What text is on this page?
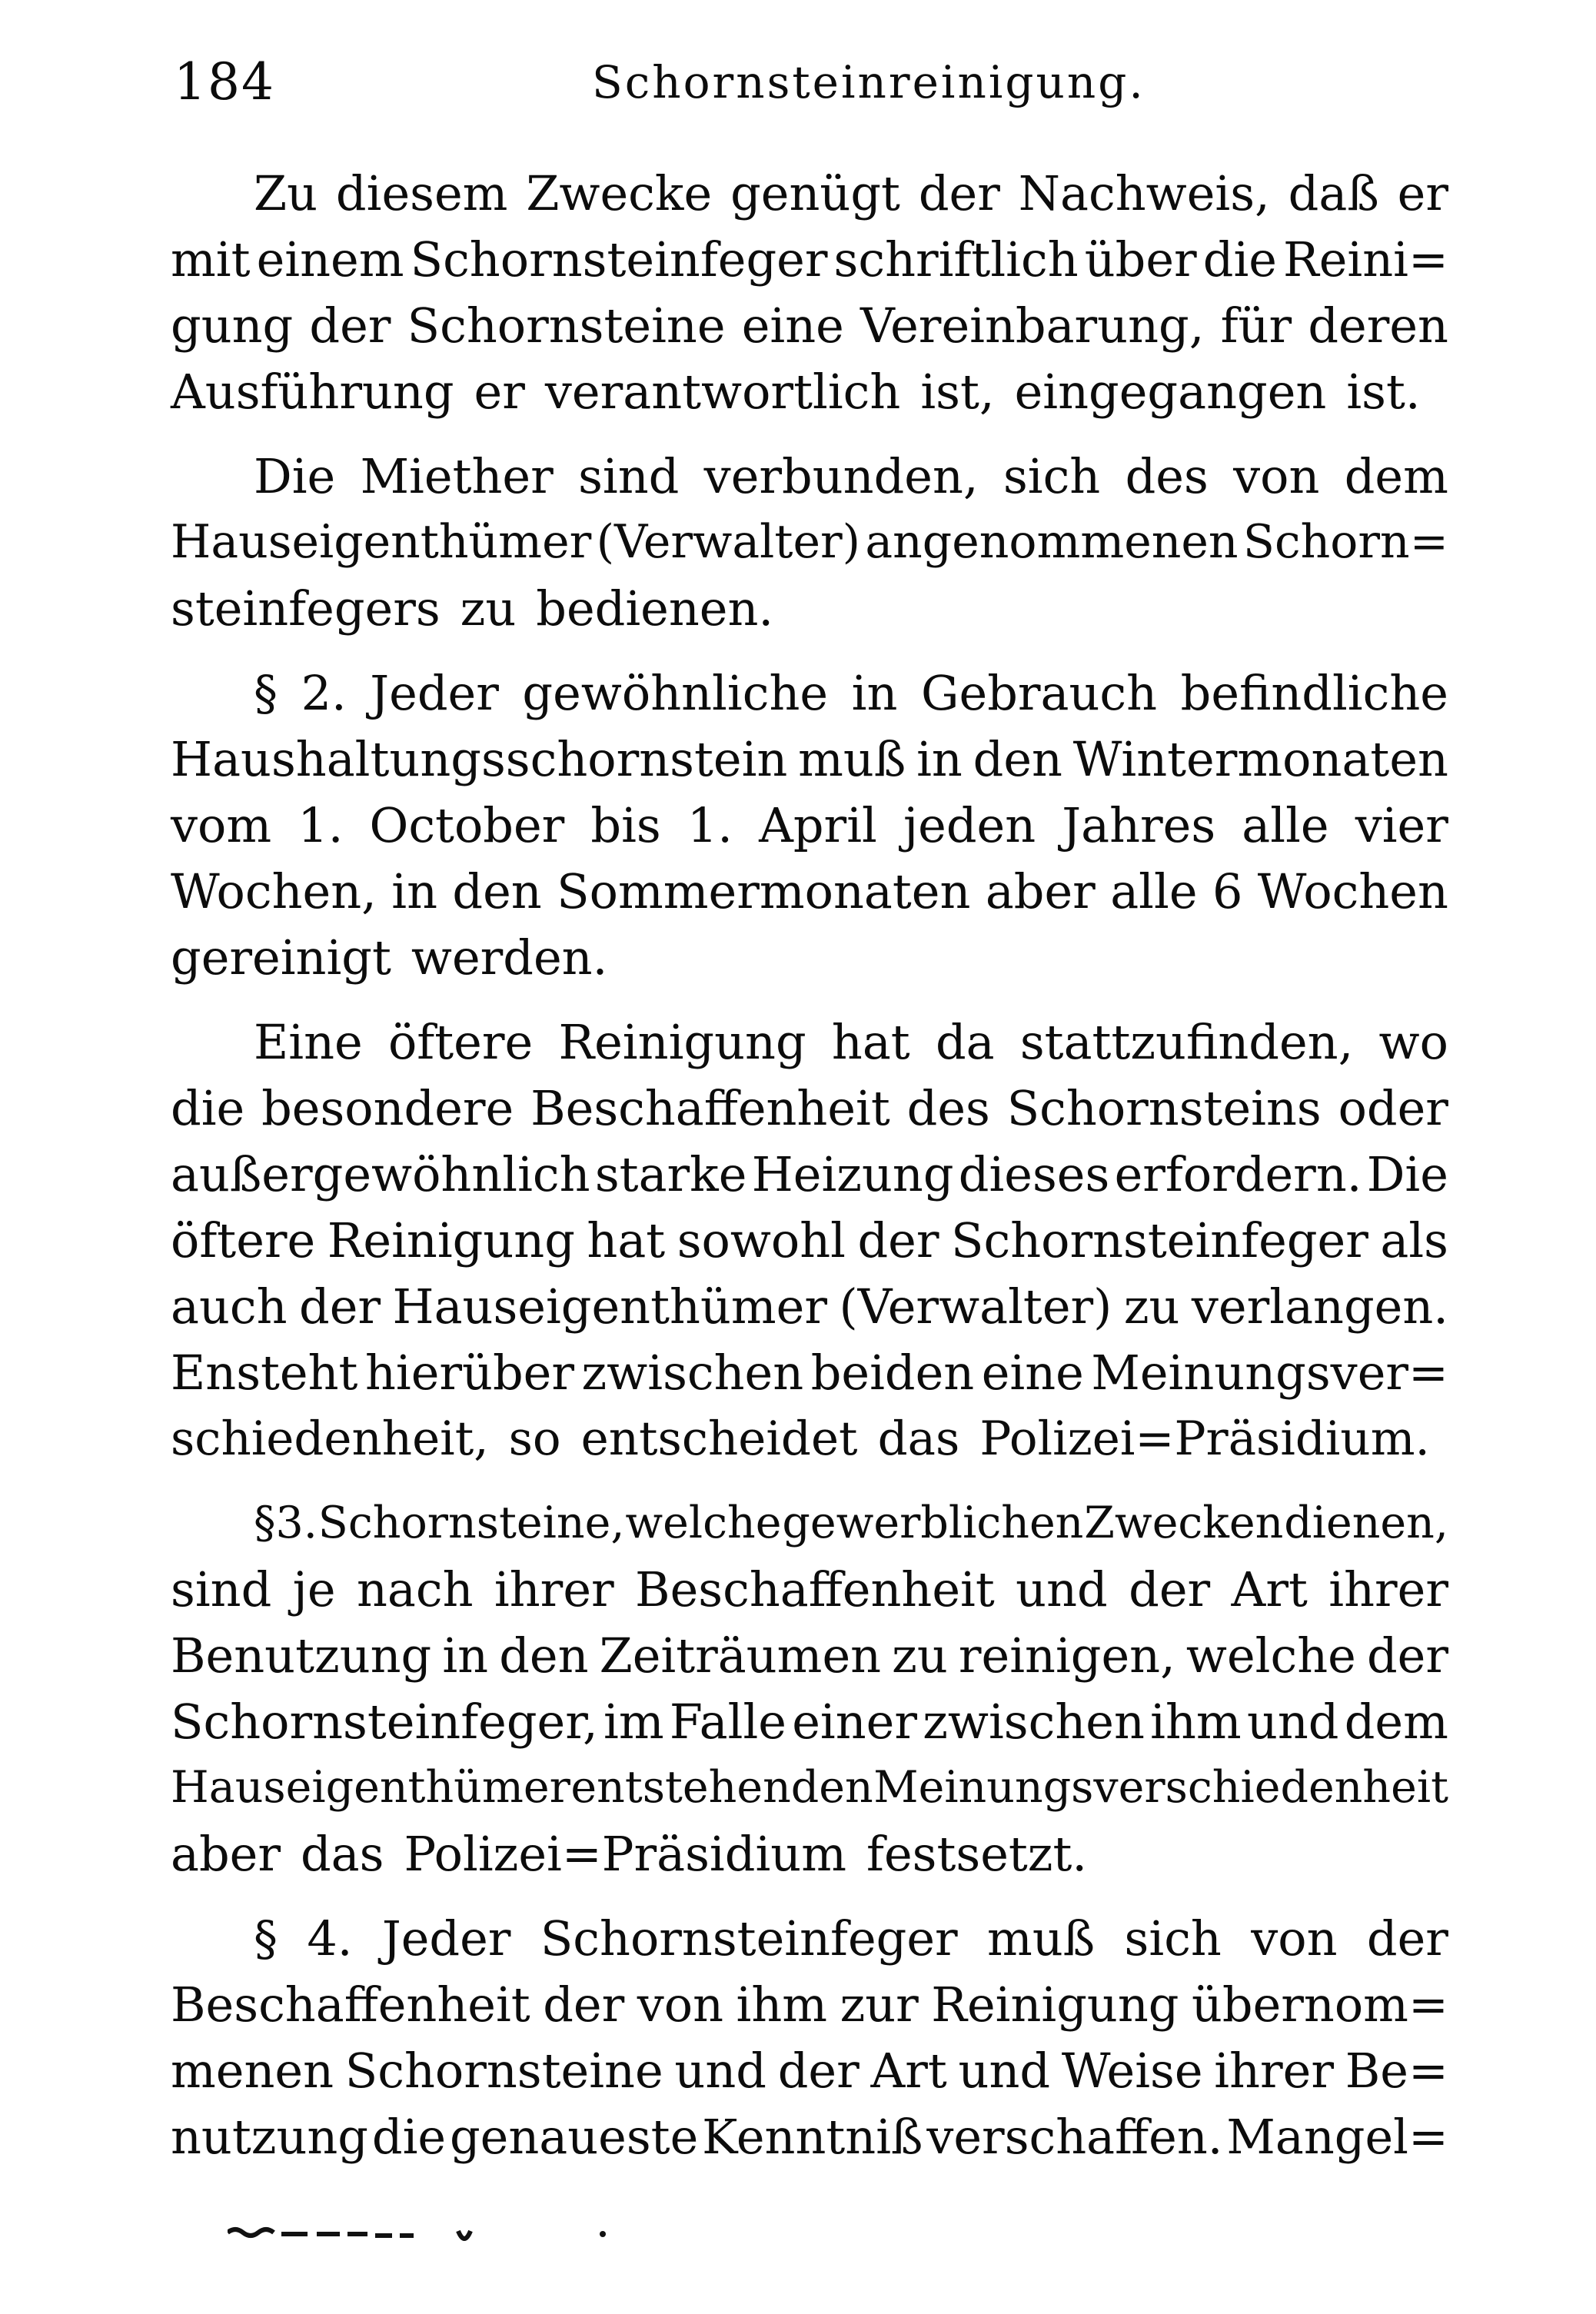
184	Schornsteinreinigung.
Zu diesem Zwecke genügt der Nachweis, daß er
mit einem Schornsteinfeger schriftlich über die Reini=
gung der Schornsteine eine Vereinbarung, für deren
Ausführung er verantwortlich ist, eingegangen ist.
Die Miether sind verbunden, sich des von dem
Hauseigenthümer (Verwalter) angenommenen Schorn=
steinfegers zu bedienen.
§ 2. Jeder gewöhnliche in Gebrauch befindliche
Haushaltungsschornstein muß in den Wintermonaten
vom 1. October bis 1. April jeden Jahres alle vier
Wochen, in den Sommermonaten aber alle 6 Wochen
gereinigt werden.
Eine öftere Reinigung hat da stattzufinden, wo
die besondere Beschaffenheit des Schornsteins oder
außergewöhnlich starke Heizung dieses erfordern. Die
öftere Reinigung hat sowohl der Schornsteinfeger als
auch der Hauseigenthümer (Verwalter) zu verlangen.
Ensteht hierüber zwischen beiden eine Meinungsver=
schiedenheit, so entscheidet das Polizei=Präsidium.
§3. Schornsteine, welche gewerblichen Zwecken dienen,
sind je nach ihrer Beschaffenheit und der Art ihrer
Benutzung in den Zeiträumen zu reinigen, welche der
Schornsteinfeger, im Falle einer zwischen ihm und dem
Hauseigenthümer entstehenden Meinungsverschiedenheit
aber das Polizei=Präsidium festsetzt.
§ 4. Jeder Schornsteinfeger muß sich von der
Beschaffenheit der von ihm zur Reinigung übernom=
menen Schornsteine und der Art und Weise ihrer Be=
nutzung die genaueste Kenntniß verschaffen. Mangel=
